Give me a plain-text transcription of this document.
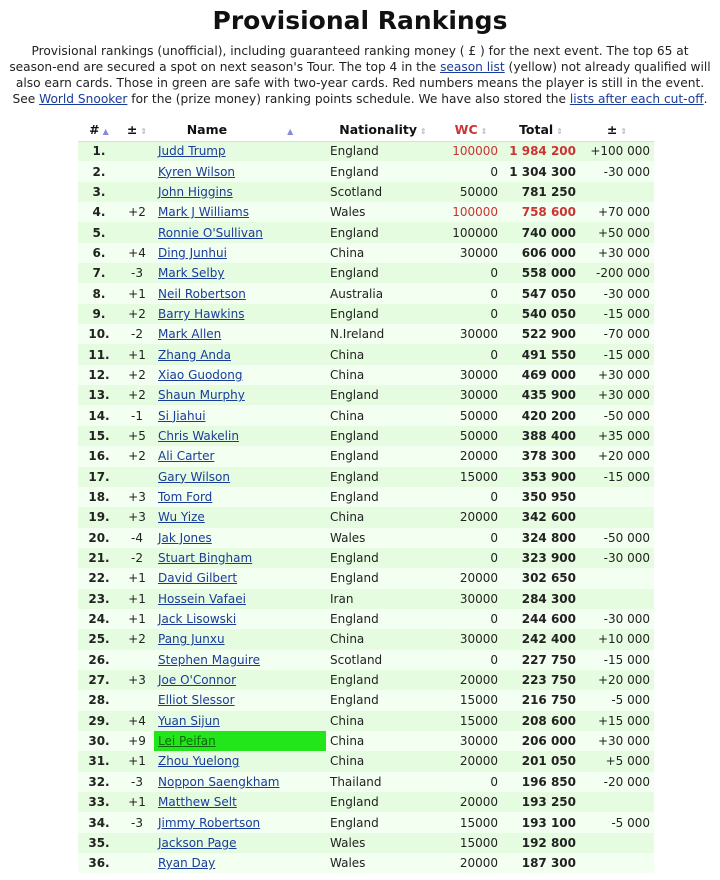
Provisional Rankings

Provisional rankings (unofficial), including guaranteed ranking money ( £ ) for the next event. The top 65 at season-end are secured a spot on next season's Tour. The top 4 in the season list (yellow) not already qualified will also earn cards. Those in green are safe with two-year cards. Red numbers means the player is still in the event. See World Snooker for the (prize money) ranking points schedule. We have also stored the lists after each cut-off.

# ▲	± ⇕	Name ▲	Nationality ⇕	WC ⇕	Total ⇕	± ⇕
1.		Judd Trump	England	100000	1 984 200	+100 000
2.		Kyren Wilson	England	0	1 304 300	-30 000
3.		John Higgins	Scotland	50000	781 250	
4.	+2	Mark J Williams	Wales	100000	758 600	+70 000
5.		Ronnie O'Sullivan	England	100000	740 000	+50 000
6.	+4	Ding Junhui	China	30000	606 000	+30 000
7.	-3	Mark Selby	England	0	558 000	-200 000
8.	+1	Neil Robertson	Australia	0	547 050	-30 000
9.	+2	Barry Hawkins	England	0	540 050	-15 000
10.	-2	Mark Allen	N.Ireland	30000	522 900	-70 000
11.	+1	Zhang Anda	China	0	491 550	-15 000
12.	+2	Xiao Guodong	China	30000	469 000	+30 000
13.	+2	Shaun Murphy	England	30000	435 900	+30 000
14.	-1	Si Jiahui	China	50000	420 200	-50 000
15.	+5	Chris Wakelin	England	50000	388 400	+35 000
16.	+2	Ali Carter	England	20000	378 300	+20 000
17.		Gary Wilson	England	15000	353 900	-15 000
18.	+3	Tom Ford	England	0	350 950	
19.	+3	Wu Yize	China	20000	342 600	
20.	-4	Jak Jones	Wales	0	324 800	-50 000
21.	-2	Stuart Bingham	England	0	323 900	-30 000
22.	+1	David Gilbert	England	20000	302 650	
23.	+1	Hossein Vafaei	Iran	30000	284 300	
24.	+1	Jack Lisowski	England	0	244 600	-30 000
25.	+2	Pang Junxu	China	30000	242 400	+10 000
26.		Stephen Maguire	Scotland	0	227 750	-15 000
27.	+3	Joe O'Connor	England	20000	223 750	+20 000
28.		Elliot Slessor	England	15000	216 750	-5 000
29.	+4	Yuan Sijun	China	15000	208 600	+15 000
30.	+9	Lei Peifan	China	30000	206 000	+30 000
31.	+1	Zhou Yuelong	China	20000	201 050	+5 000
32.	-3	Noppon Saengkham	Thailand	0	196 850	-20 000
33.	+1	Matthew Selt	England	20000	193 250	
34.	-3	Jimmy Robertson	England	15000	193 100	-5 000
35.		Jackson Page	Wales	15000	192 800	
36.		Ryan Day	Wales	20000	187 300	
